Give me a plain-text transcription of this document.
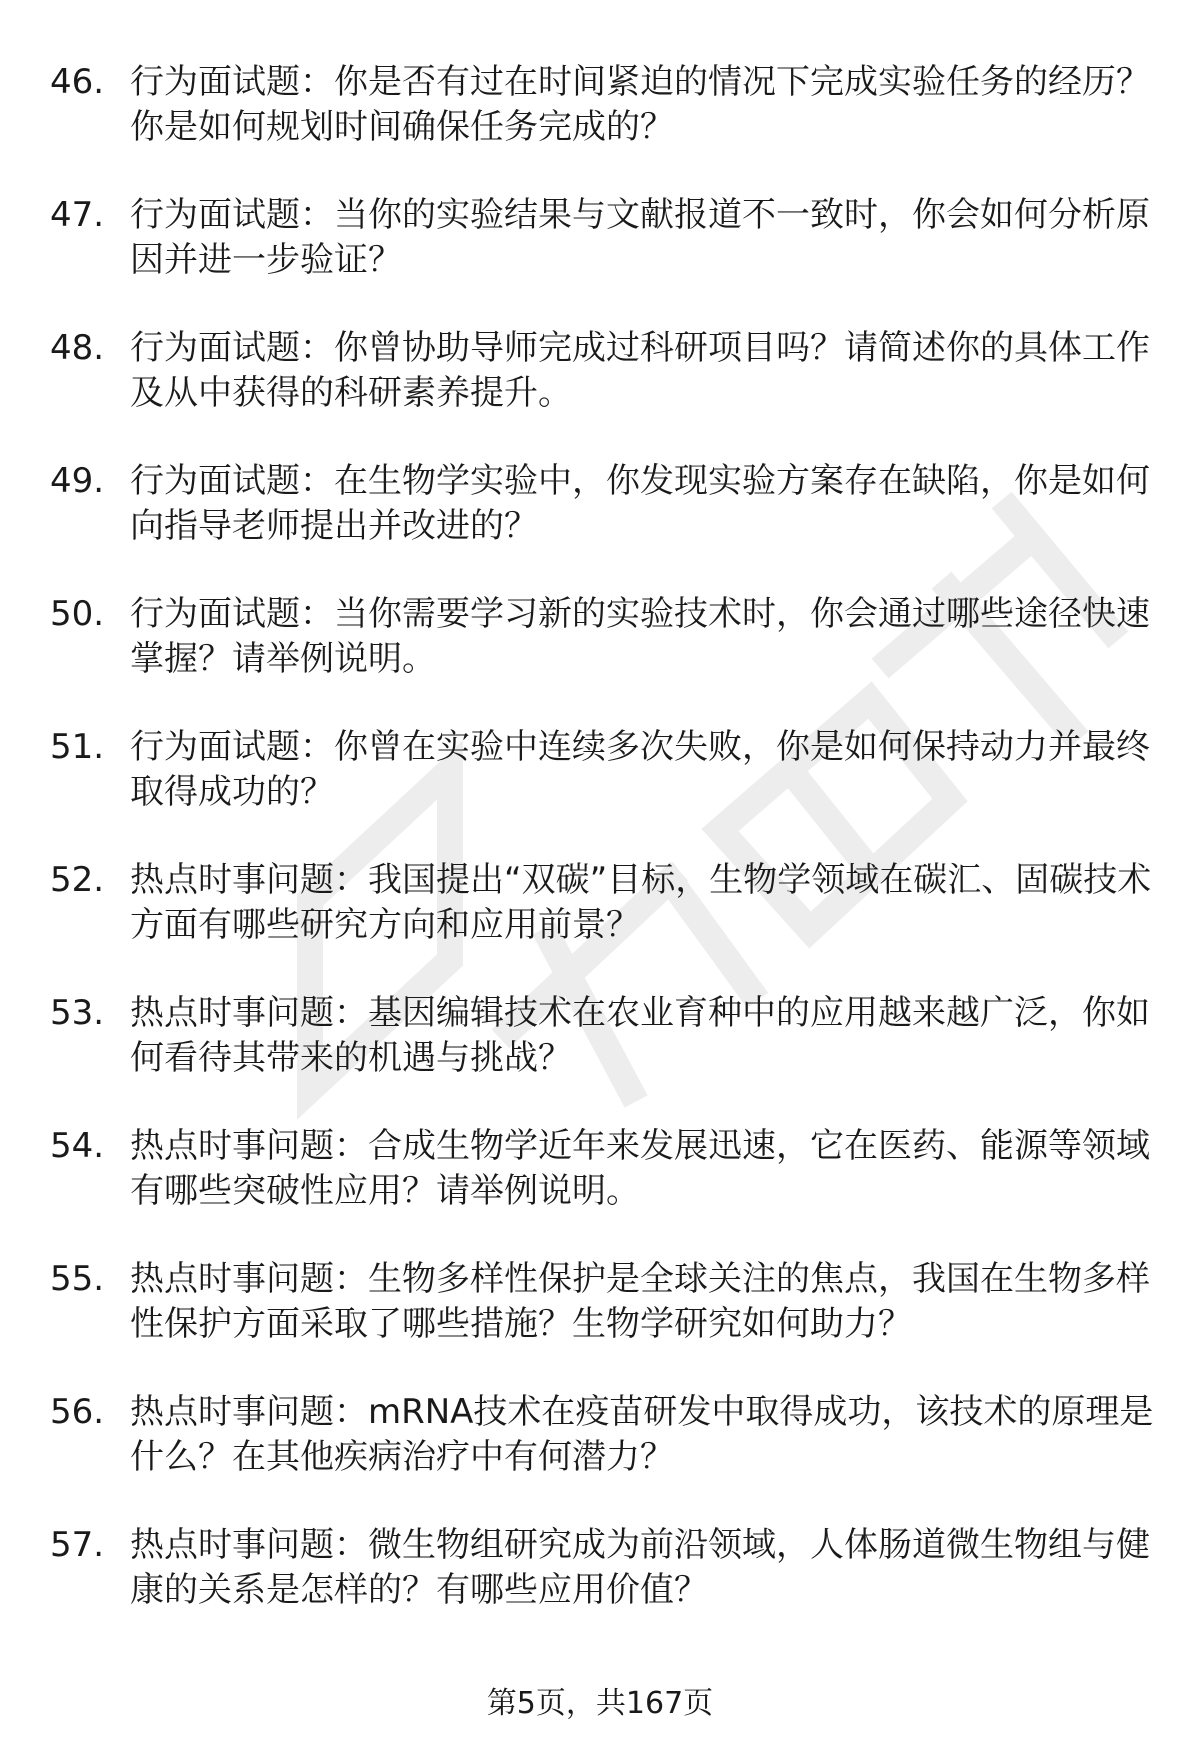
46. 行为面试题：你是否有过在时间紧迫的情况下完成实验任务的经历？你是如何规划时间确保任务完成的？
47. 行为面试题：当你的实验结果与文献报道不一致时，你会如何分析原因并进一步验证？
48. 行为面试题：你曾协助导师完成过科研项目吗？请简述你的具体工作及从中获得的科研素养提升。
49. 行为面试题：在生物学实验中，你发现实验方案存在缺陷，你是如何向指导老师提出并改进的？
50. 行为面试题：当你需要学习新的实验技术时，你会通过哪些途径快速掌握？请举例说明。
51. 行为面试题：你曾在实验中连续多次失败，你是如何保持动力并最终取得成功的？
52. 热点时事问题：我国提出“双碳”目标，生物学领域在碳汇、固碳技术方面有哪些研究方向和应用前景？
53. 热点时事问题：基因编辑技术在农业育种中的应用越来越广泛，你如何看待其带来的机遇与挑战？
54. 热点时事问题：合成生物学近年来发展迅速，它在医药、能源等领域有哪些突破性应用？请举例说明。
55. 热点时事问题：生物多样性保护是全球关注的焦点，我国在生物多样性保护方面采取了哪些措施？生物学研究如何助力？
56. 热点时事问题：mRNA技术在疫苗研发中取得成功，该技术的原理是什么？在其他疾病治疗中有何潜力？
57. 热点时事问题：微生物组研究成为前沿领域，人体肠道微生物组与健康的关系是怎样的？有哪些应用价值？
第5页，共167页
